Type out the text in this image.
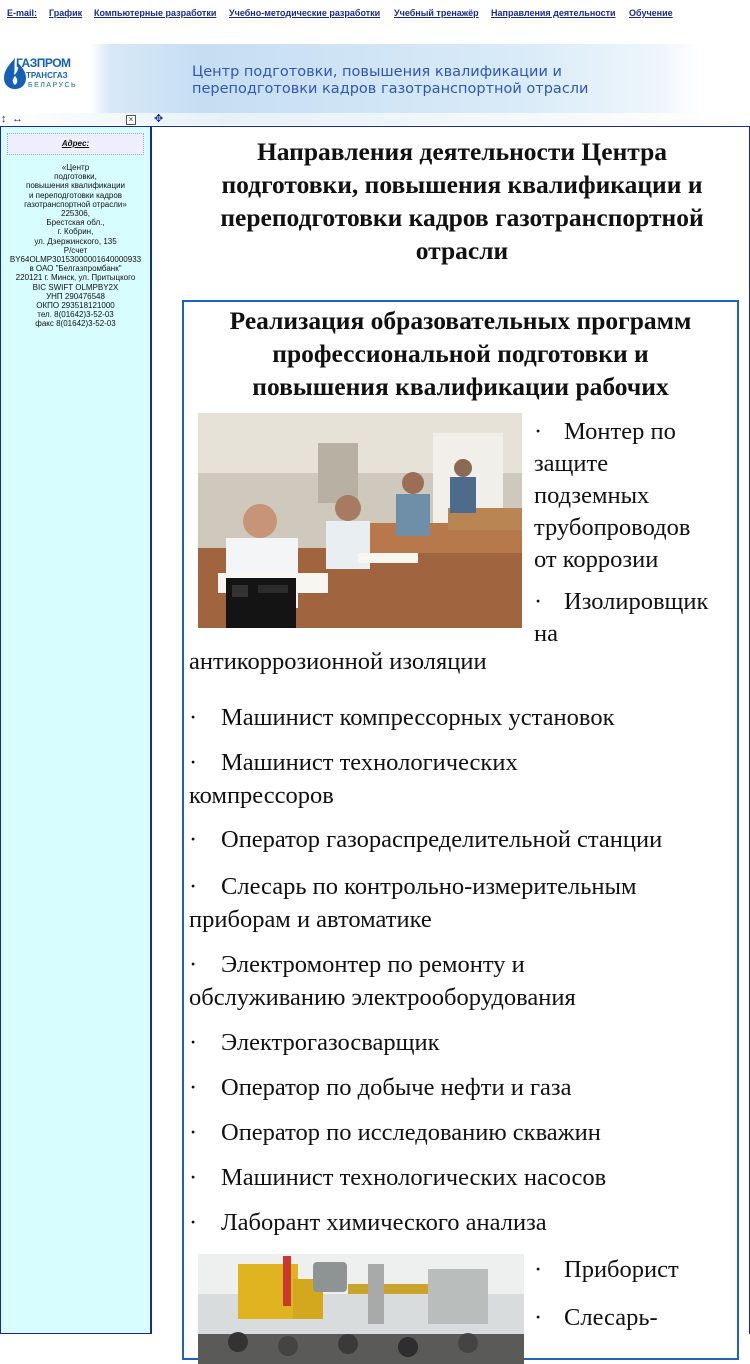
E-mail: График Компьютерные разработки Учебно-методические разработки Учебный тренажёр Направления деятельности Обучение
ГАЗПРОМ
ТРАНСГАЗ
БЕЛАРУСЬ
Центр подготовки, повышения квалификации и
переподготовки кадров газотранспортной отрасли
↕ ↔	× ✥
Адрес:
«Центр
подготовки,
повышения квалификации
и переподготовки кадров
газотранспортной отрасли»
225306,
Брестская обл.,
г. Кобрин,
ул. Дзержинского, 135
Р/счет
BY64OLMP30153000001640000933
в ОАО "Белгазпромбанк"
220121 г. Минск, ул. Притыцкого
BIC SWIFT OLMPBY2X
УНП 290476548
ОКПО 293518121000
тел. 8(01642)3-52-03
факс 8(01642)3-52-03
Направления деятельности Центра
подготовки, повышения квалификации и
переподготовки кадров газотранспортной
отрасли
Реализация образовательных программ
профессиональной подготовки и
повышения квалификации рабочих
· Монтер по
защите
подземных
трубопроводов
от коррозии
· Изолировщик
на
антикоррозионной изоляции
· Машинист компрессорных установок
· Машинист технологических
компрессоров
· Оператор газораспределительной станции
· Слесарь по контрольно-измерительным
приборам и автоматике
· Электромонтер по ремонту и
обслуживанию электрооборудования
· Электрогазосварщик
· Оператор по добыче нефти и газа
· Оператор по исследованию скважин
· Машинист технологических насосов
· Лаборант химического анализа
· Приборист
· Слесарь-
